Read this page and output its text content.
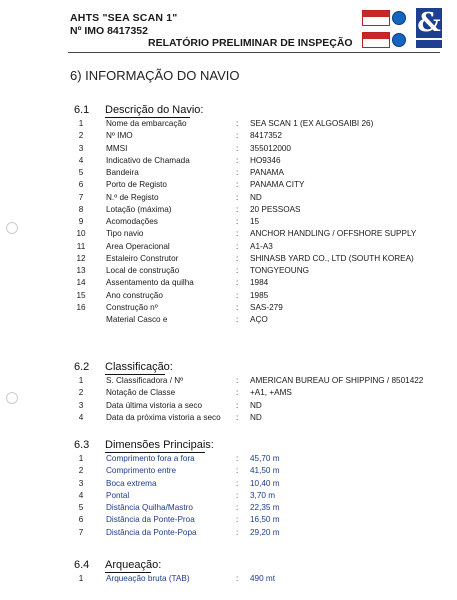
AHTS "SEA SCAN 1"
Nº IMO 8417352
RELATÓRIO PRELIMINAR DE INSPEÇÃO
&
6) INFORMAÇÃO DO NAVIO
6.1 Descrição do Navio:
1	Nome da embarcação	: SEA SCAN 1 (EX ALGOSAIBI 26)
2	Nº IMO	: 8417352
3	MMSI	: 355012000
4	Indicativo de Chamada	: HO9346
5	Bandeira	: PANAMA
6	Porto de Registo	: PANAMA CITY
7	N.º de Registo	: ND
8	Lotação (máxima)	: 20 PESSOAS
9	Acomodações	: 15
10 Tipo navio	: ANCHOR HANDLING / OFFSHORE SUPPLY
11	Area Operacional	: A1-A3
12 Estaleiro Construtor	: SHINASB YARD CO., LTD (SOUTH KOREA)
13 Local de construção	: TONGYEOUNG
14 Assentamento da quilha	: 1984
15 Ano construção	: 1985
16 Construção nº	: SAS-279
Material Casco e	: AÇO
6.2 Classificação:
1	S. Classificadora / Nº	: AMERICAN BUREAU OF SHIPPING / 8501422
2	Notação de Classe	: +A1, +AMS
3	Data última vistoria a seco	: ND
4	Data da próxima vistoria a seco : ND
6.3 Dimensões Principais:
1	Comprimento fora a fora	: 45,70 m
2	Comprimento entre	: 41,50 m
3	Boca extrema	: 10,40 m
4	Pontal	: 3,70 m
5	Distância Quilha/Mastro	: 22,35 m
6	Distância da Ponte-Proa	: 16,50 m
7	Distância da Ponte-Popa	: 29,20 m
6.4 Arqueação:
1	Arqueação bruta (TAB)	: 490 mt
